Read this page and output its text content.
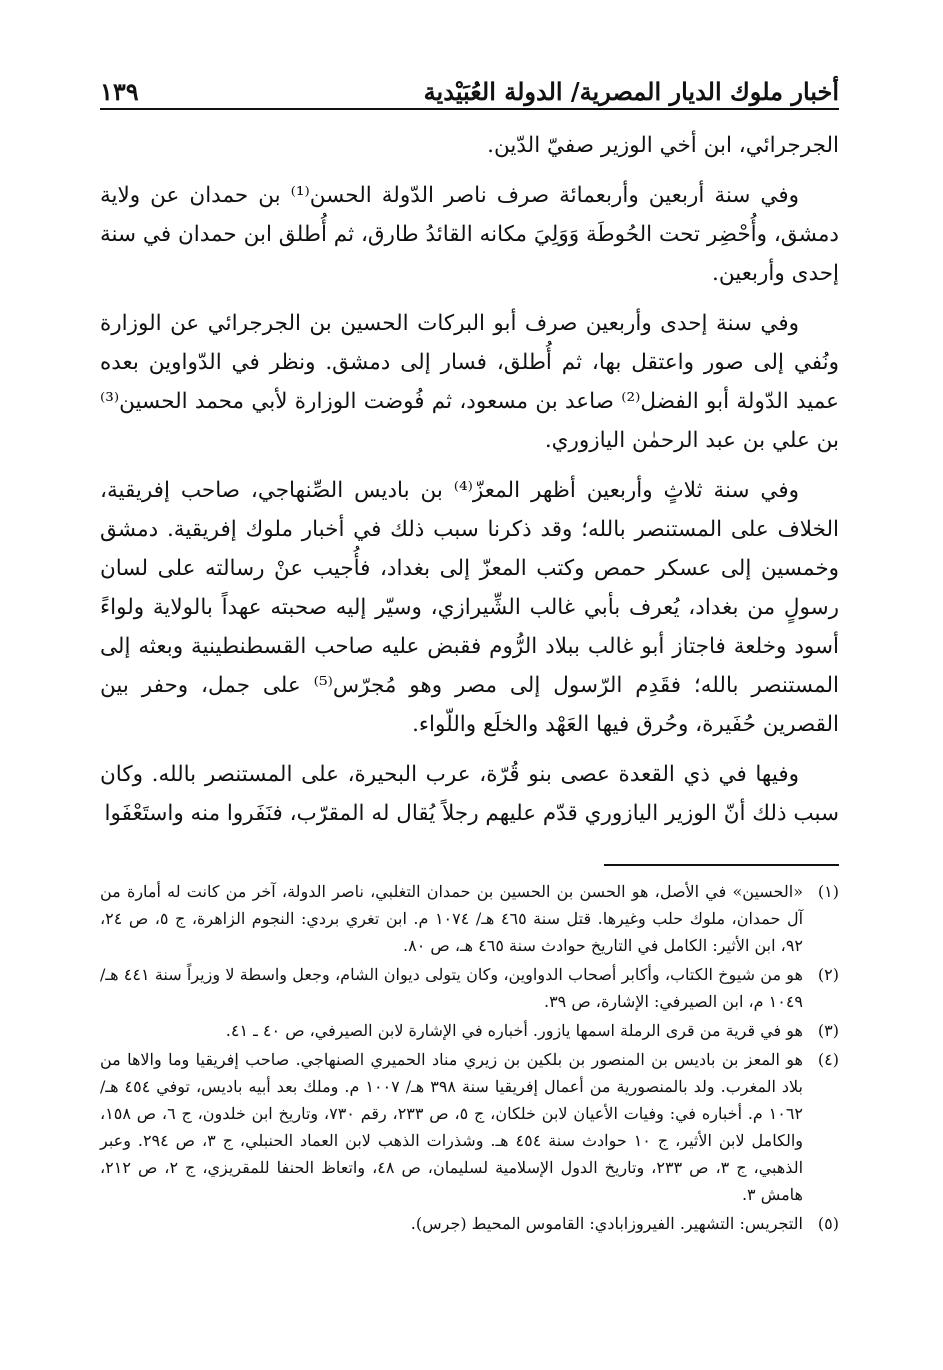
أخبار ملوك الديار المصرية/ الدولة العُبَيْدية
١٣٩

الجرجرائي، ابن أخي الوزير صفيّ الدّين.

وفي سنة أربعين وأربعمائة صرف ناصر الدّولة الحسن⁽¹⁾ بن حمدان عن ولاية دمشق، وأُحْضِر تحت الحُوطَة وَوَلِيَ مكانه القائدُ طارق، ثم أُطلق ابن حمدان في سنة إحدى وأربعين.

وفي سنة إحدى وأربعين صرف أبو البركات الحسين بن الجرجرائي عن الوزارة ونُفي إلى صور واعتقل بها، ثم أُطلق، فسار إلى دمشق. ونظر في الدّواوين بعده عميد الدّولة أبو الفضل⁽²⁾ صاعد بن مسعود، ثم فُوضت الوزارة لأبي محمد الحسين⁽³⁾ بن علي بن عبد الرحمٰن اليازوري.

وفي سنة ثلاثٍ وأربعين أظهر المعزّ⁽⁴⁾ بن باديس الصِّنهاجي، صاحب إفريقية، الخلاف على المستنصر بالله؛ وقد ذكرنا سبب ذلك في أخبار ملوك إفريقية. دمشق وخمسين إلى عسكر حمص وكتب المعزّ إلى بغداد، فأُجيب عنْ رسالته على لسان رسولٍ من بغداد، يُعرف بأبي غالب الشِّيرازي، وسيّر إليه صحبته عهداً بالولاية ولواءً أسود وخلعة فاجتاز أبو غالب ببلاد الرُّوم فقبض عليه صاحب القسطنطينية وبعثه إلى المستنصر بالله؛ فقَدِم الرّسول إلى مصر وهو مُجرّس⁽⁵⁾ على جمل، وحفر بين القصرين حُفَيرة، وحُرق فيها العَهْد والخلَع واللّواء.

وفيها في ذي القعدة عصى بنو قُرّة، عرب البحيرة، على المستنصر بالله. وكان سبب ذلك أنّ الوزير اليازوري قدّم عليهم رجلاً يُقال له المقرّب، فنَفَروا منه واستَعْفَوا

(١)
«الحسين» في الأصل، هو الحسن بن الحسين بن حمدان التغلبي، ناصر الدولة، آخر من كانت له أمارة من آل حمدان، ملوك حلب وغيرها. قتل سنة ٤٦٥ هـ/ ١٠٧٤ م. ابن تغري بردي: النجوم الزاهرة، ج ٥، ص ٢٤، ٩٢، ابن الأثير: الكامل في التاريخ حوادث سنة ٤٦٥ هـ، ص ٨٠.
(٢)
هو من شيوخ الكتاب، وأكابر أصحاب الدواوين، وكان يتولى ديوان الشام، وجعل واسطة لا وزيراً سنة ٤٤١ هـ/ ١٠٤٩ م، ابن الصيرفي: الإشارة، ص ٣٩.
(٣)
هو في قرية من قرى الرملة اسمها يازور. أخباره في الإشارة لابن الصيرفي، ص ٤٠ ـ ٤١.
(٤)
هو المعز بن باديس بن المنصور بن بلكين بن زيري مناد الحميري الصنهاجي. صاحب إفريقيا وما والاها من بلاد المغرب. ولد بالمنصورية من أعمال إفريقيا سنة ٣٩٨ هـ/ ١٠٠٧ م. وملك بعد أبيه باديس، توفي ٤٥٤ هـ/ ١٠٦٢ م. أخباره في: وفيات الأعيان لابن خلكان، ج ٥، ص ٢٣٣، رقم ٧٣٠، وتاريخ ابن خلدون، ج ٦، ص ١٥٨، والكامل لابن الأثير، ج ١٠ حوادث سنة ٤٥٤ هـ. وشذرات الذهب لابن العماد الحنبلي، ج ٣، ص ٢٩٤. وعبر الذهبي، ج ٣، ص ٢٣٣، وتاريخ الدول الإسلامية لسليمان، ص ٤٨، واتعاظ الحنفا للمقريزي، ج ٢، ص ٢١٢، هامش ٣.
(٥)
التجريس: التشهير. الفيروزابادي: القاموس المحيط (جرس).
